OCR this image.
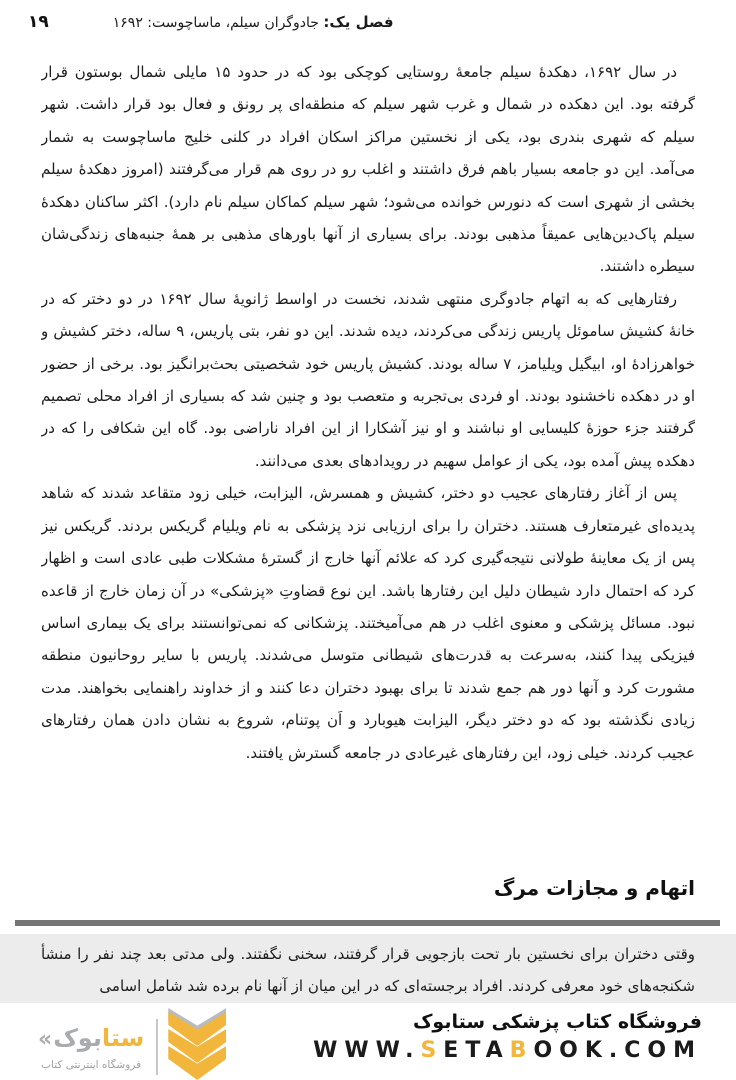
۱۹	فصل یک: جادوگران سیلم، ماساچوست: ۱۶۹۲

در سال ۱۶۹۲، دهکدهٔ سیلم جامعهٔ روستایی کوچکی بود که در حدود ۱۵ مایلی شمال بوستون قرار گرفته بود. این دهکده در شمال و غرب شهر سیلم که منطقه‌ای پر رونق و فعال بود قرار داشت. شهر سیلم که شهری بندری بود، یکی از نخستین مراکز اسکان افراد در کلنی خلیج ماساچوست به شمار می‌آمد. این دو جامعه بسیار باهم فرق داشتند و اغلب رو در روی هم قرار می‌گرفتند (امروز دهکدهٔ سیلم بخشی از شهری است که دنورس خوانده می‌شود؛ شهر سیلم کماکان سیلم نام دارد). اکثر ساکنان دهکدهٔ سیلم پاک‌دین‌هایی عمیقاً مذهبی بودند. برای بسیاری از آنها باورهای مذهبی بر همهٔ جنبه‌های زندگی‌شان سیطره داشتند.

رفتارهایی که به اتهام جادوگری منتهی شدند، نخست در اواسط ژانویهٔ سال ۱۶۹۲ در دو دختر که در خانهٔ کشیش ساموئل پاریس زندگی می‌کردند، دیده شدند. این دو نفر، بتی پاریس، ۹ ساله، دختر کشیش و خواهرزادهٔ او، ابیگیل ویلیامز، ۷ ساله بودند. کشیش پاریس خود شخصیتی بحث‌برانگیز بود. برخی از حضور او در دهکده ناخشنود بودند. او فردی بی‌تجربه و متعصب بود و چنین شد که بسیاری از افراد محلی تصمیم گرفتند جزء حوزهٔ کلیسایی او نباشند و او نیز آشکارا از این افراد ناراضی بود. گاه این شکافی را که در دهکده پیش آمده بود، یکی از عوامل سهیم در رویدادهای بعدی می‌دانند.

پس از آغاز رفتارهای عجیب دو دختر، کشیش و همسرش، الیزابت، خیلی زود متقاعد شدند که شاهد پدیده‌ای غیرمتعارف هستند. دختران را برای ارزیابی نزد پزشکی به نام ویلیام گریکس بردند. گریکس نیز پس از یک معاینهٔ طولانی نتیجه‌گیری کرد که علائم آنها خارج از گسترهٔ مشکلات طبی عادی است و اظهار کرد که احتمال دارد شیطان دلیل این رفتارها باشد. این نوع قضاوتِ «پزشکی» در آن زمان خارج از قاعده نبود. مسائل پزشکی و معنوی اغلب در هم می‌آمیختند. پزشکانی که نمی‌توانستند برای یک بیماری اساس فیزیکی پیدا کنند، به‌سرعت به قدرت‌های شیطانی متوسل می‌شدند. پاریس با سایر روحانیون منطقه مشورت کرد و آنها دور هم جمع شدند تا برای بهبود دختران دعا کنند و از خداوند راهنمایی بخواهند. مدت زیادی نگذشته بود که دو دختر دیگر، الیزابت هیوبارد و اَن پوتنام، شروع به نشان دادن همان رفتارهای عجیب کردند. خیلی زود، این رفتارهای غیرعادی در جامعه گسترش یافتند.

اتهام و مجازات مرگ

وقتی دختران برای نخستین بار تحت بازجویی قرار گرفتند، سخنی نگفتند. ولی مدتی بعد چند نفر را منشأ شکنجه‌های خود معرفی کردند. افراد برجسته‌ای که در این میان از آنها نام برده شد شامل اسامی

فروشگاه کتاب پزشکی ستابوک
WWW.SETABOOK.COM
« بوک ستا
فروشگاه اینترنتی کتاب
